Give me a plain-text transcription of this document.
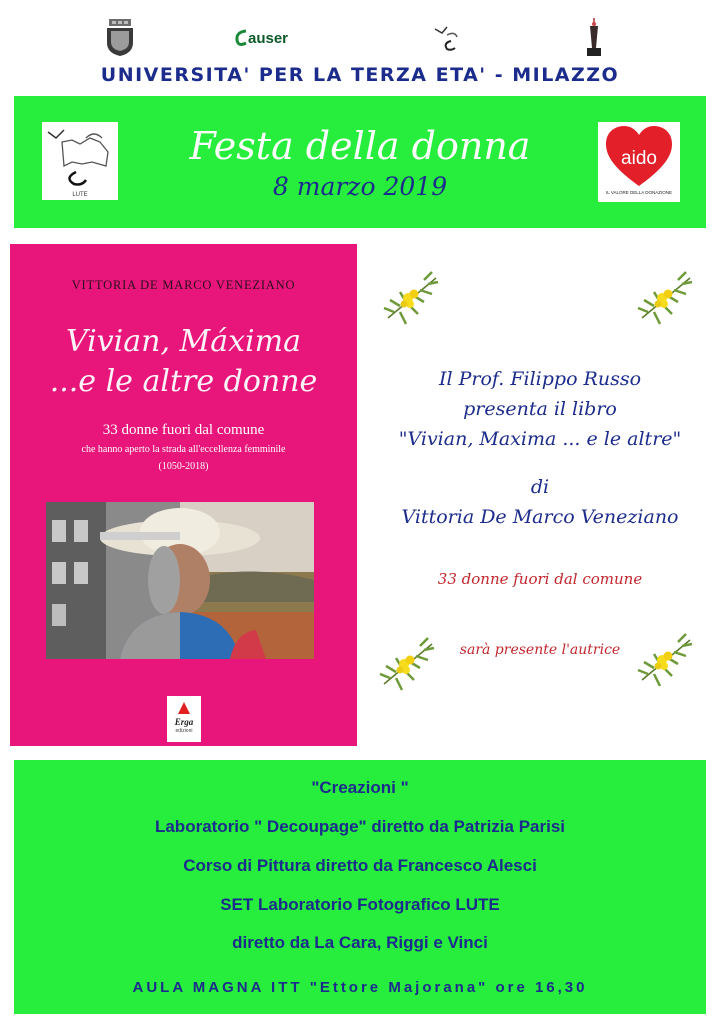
auser
UNIVERSITA' PER LA TERZA ETA' - MILAZZO
LUTE
Festa della donna
8 marzo 2019
aido
IL VALORE DELLA DONAZIONE
VITTORIA DE MARCO VENEZIANO
Vivian, Máxima
...e le altre donne
33 donne fuori dal comune
che hanno aperto la strada all'eccellenza femminile
(1050-2018)
Erga
edizioni
Il Prof. Filippo Russo
presenta il libro
"Vivian, Maxima ... e le altre"
di
Vittoria De Marco Veneziano
33 donne fuori dal comune
sarà presente l'autrice
"Creazioni "
Laboratorio " Decoupage" diretto da Patrizia Parisi
Corso di Pittura diretto da Francesco Alesci
SET Laboratorio Fotografico LUTE
diretto da La Cara, Riggi e Vinci
AULA MAGNA ITT "Ettore Majorana" ore 16,30
